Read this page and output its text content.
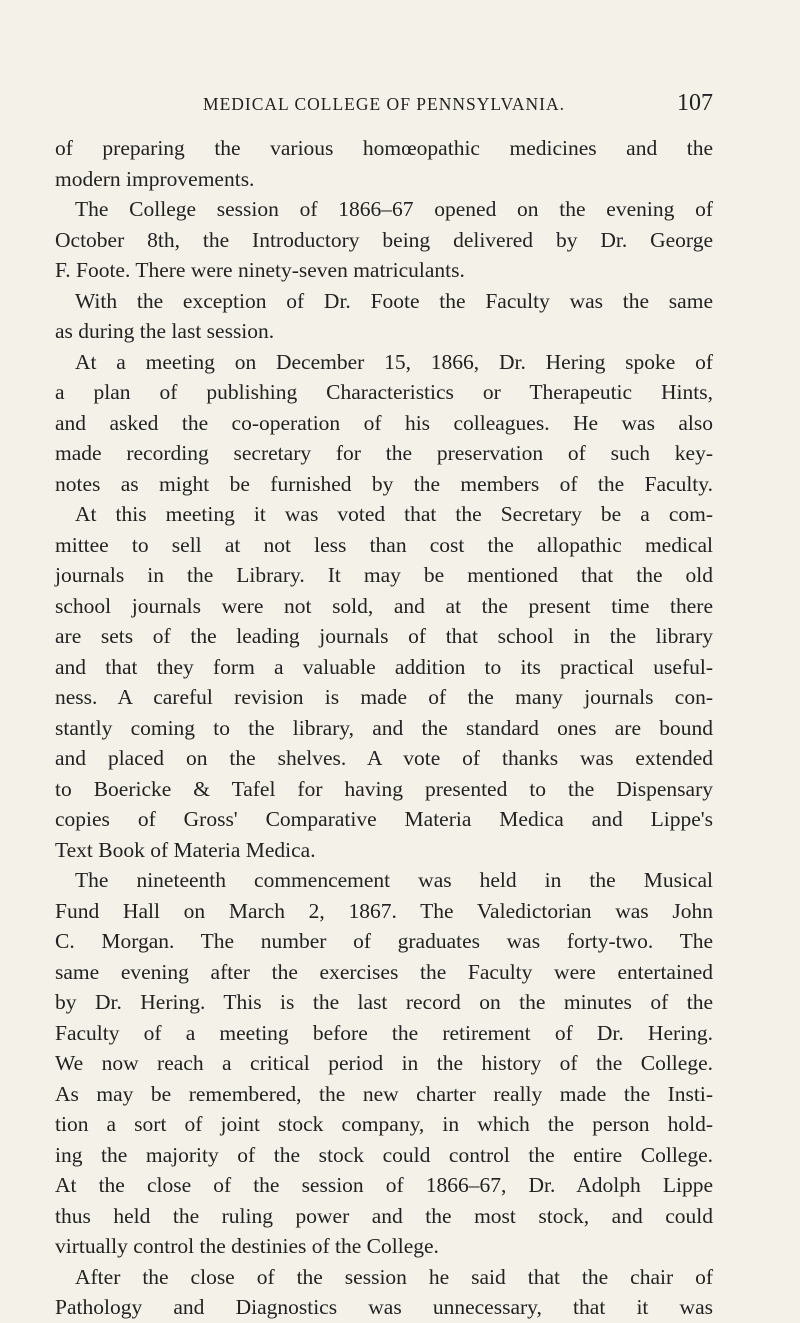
MEDICAL COLLEGE OF PENNSYLVANIA.	107
of preparing the various homœopathic medicines and the
modern improvements.
The College session of 1866–67 opened on the evening of
October 8th, the Introductory being delivered by Dr. George
F. Foote. There were ninety-seven matriculants.
With the exception of Dr. Foote the Faculty was the same
as during the last session.
At a meeting on December 15, 1866, Dr. Hering spoke of
a plan of publishing Characteristics or Therapeutic Hints,
and asked the co-operation of his colleagues. He was also
made recording secretary for the preservation of such key-
notes as might be furnished by the members of the Faculty.
At this meeting it was voted that the Secretary be a com-
mittee to sell at not less than cost the allopathic medical
journals in the Library. It may be mentioned that the old
school journals were not sold, and at the present time there
are sets of the leading journals of that school in the library
and that they form a valuable addition to its practical useful-
ness. A careful revision is made of the many journals con-
stantly coming to the library, and the standard ones are bound
and placed on the shelves. A vote of thanks was extended
to Boericke & Tafel for having presented to the Dispensary
copies of Gross' Comparative Materia Medica and Lippe's
Text Book of Materia Medica.
The nineteenth commencement was held in the Musical
Fund Hall on March 2, 1867. The Valedictorian was John
C. Morgan. The number of graduates was forty-two. The
same evening after the exercises the Faculty were entertained
by Dr. Hering. This is the last record on the minutes of the
Faculty of a meeting before the retirement of Dr. Hering.
We now reach a critical period in the history of the College.
As may be remembered, the new charter really made the Insti-
tion a sort of joint stock company, in which the person hold-
ing the majority of the stock could control the entire College.
At the close of the session of 1866–67, Dr. Adolph Lippe
thus held the ruling power and the most stock, and could
virtually control the destinies of the College.
After the close of the session he said that the chair of
Pathology and Diagnostics was unnecessary, that it was
